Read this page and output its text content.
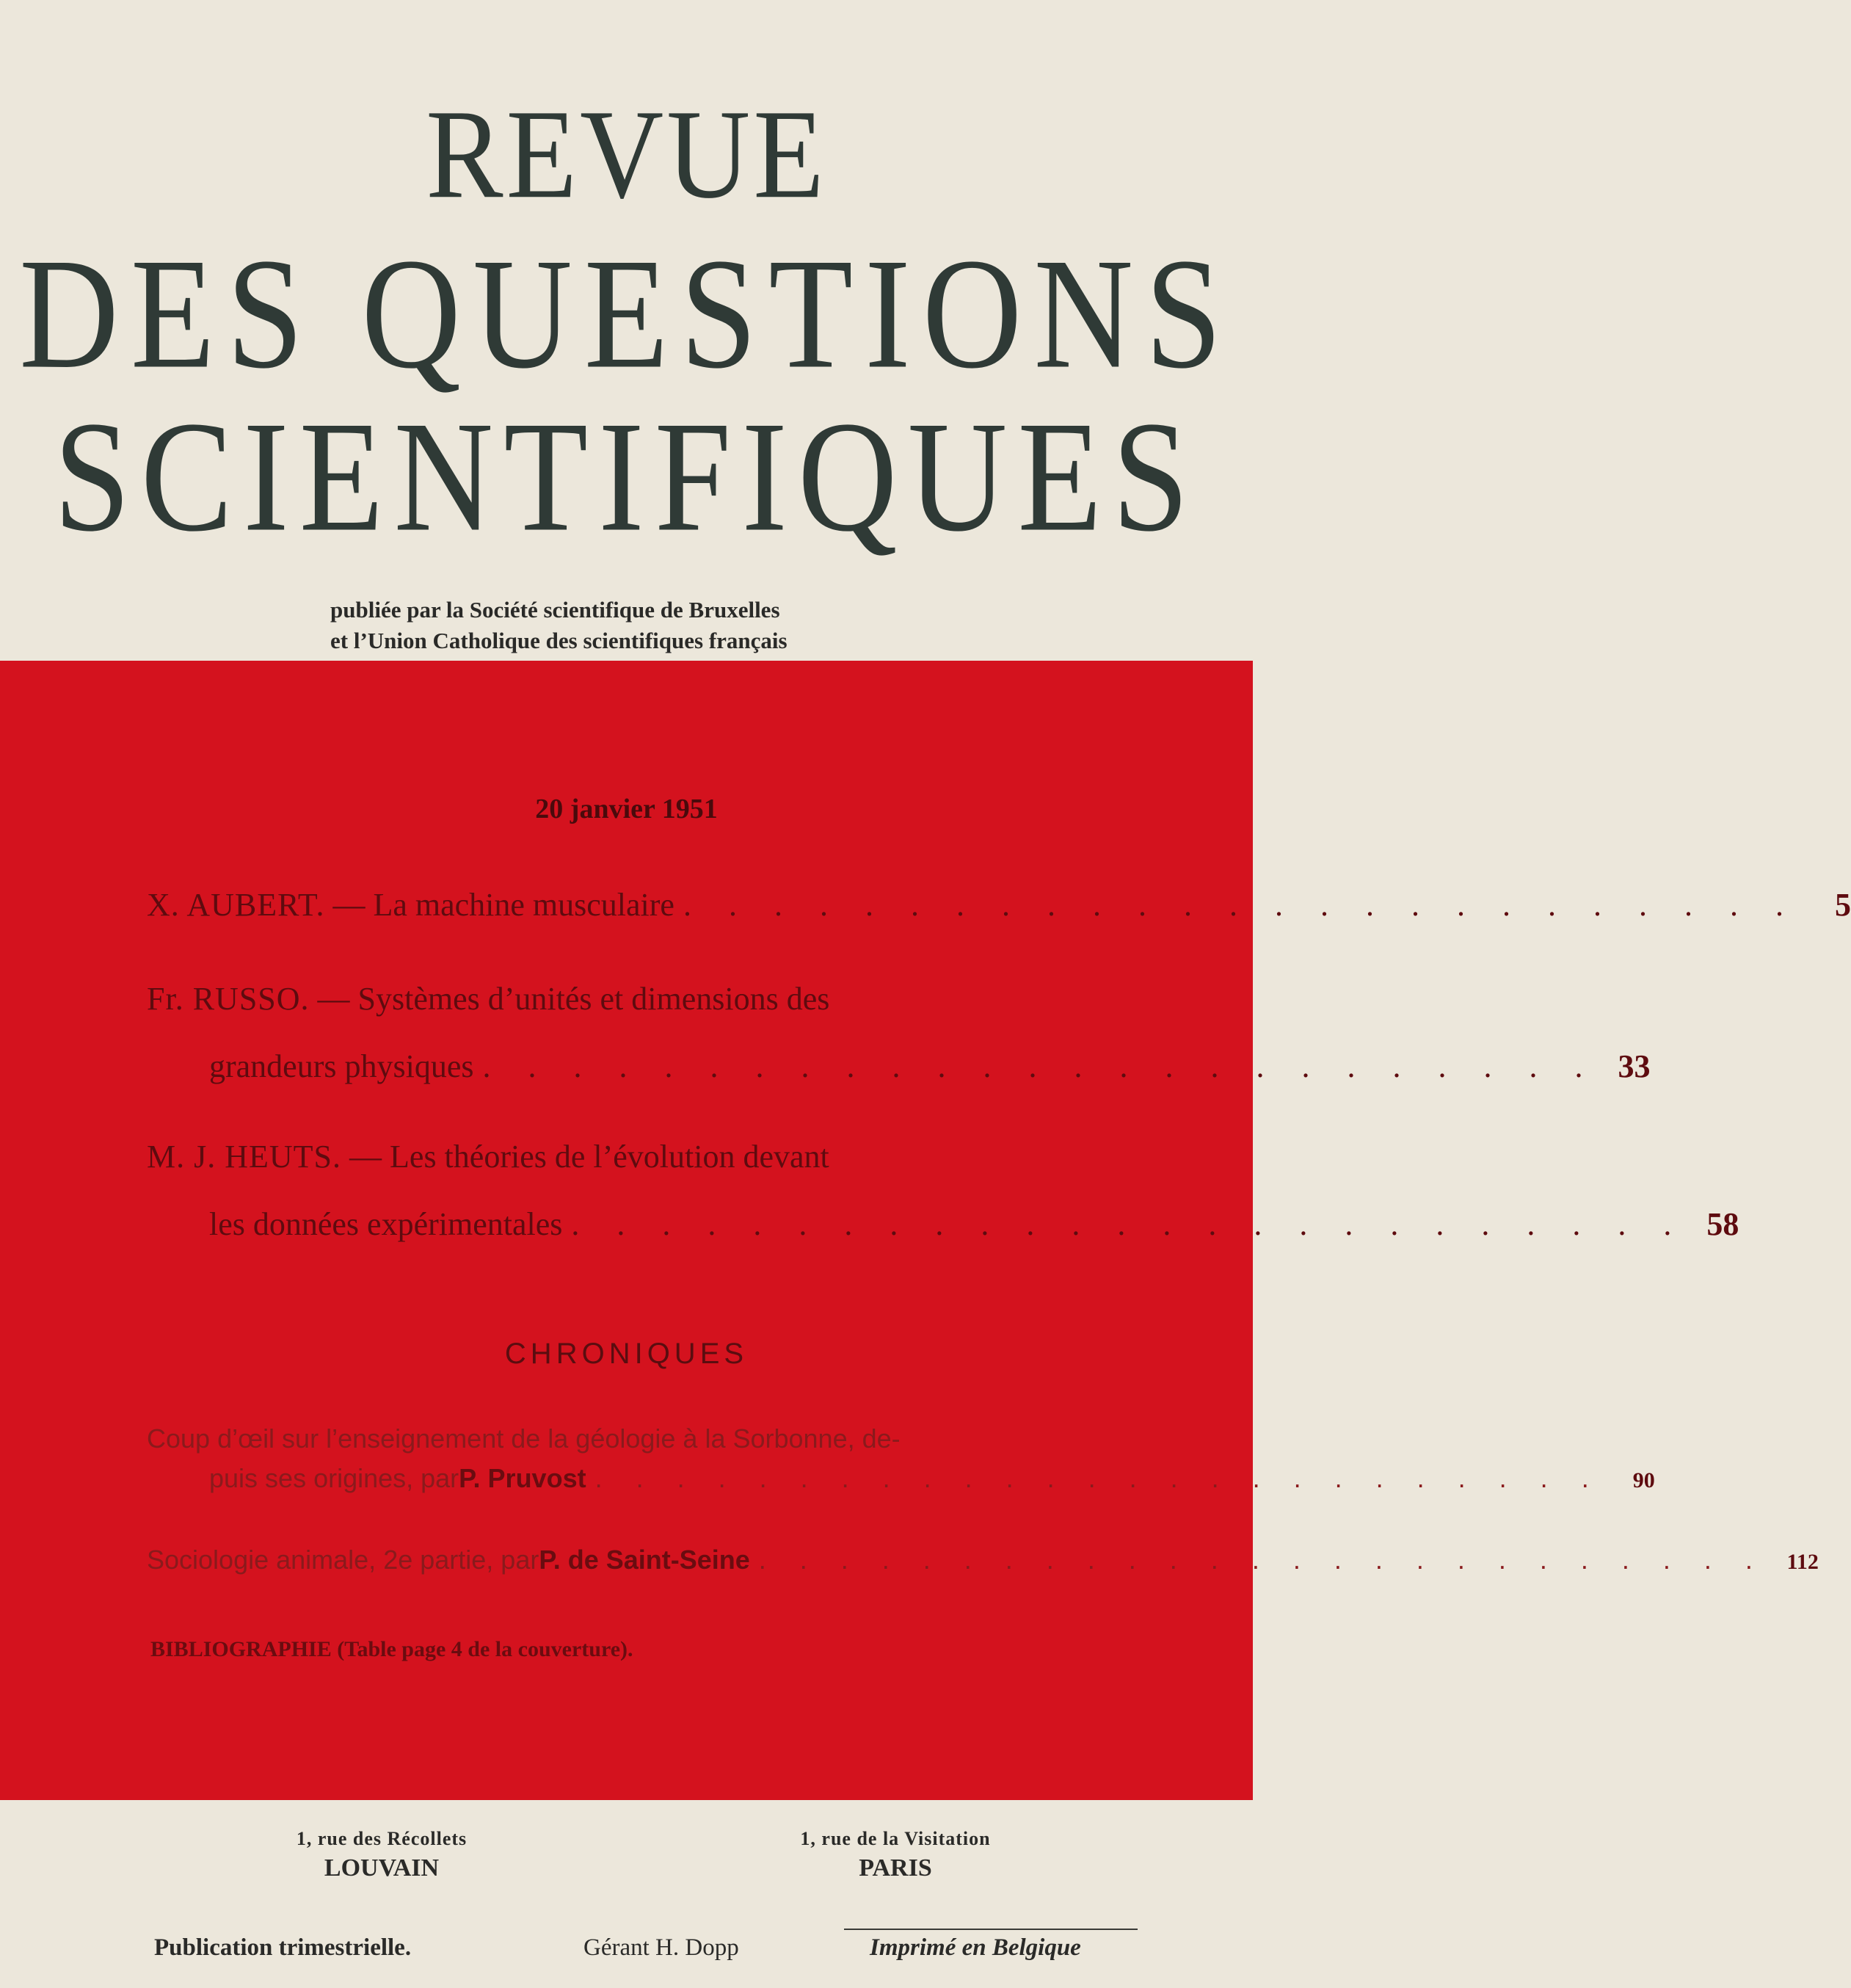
REVUE
DES QUESTIONS
SCIENTIFIQUES
publiée par la Société scientifique de Bruxelles
et l’Union Catholique des scientifiques français
20 janvier 1951
X. AUBERT.
— La machine musculaire . . . . . . . . . . . . . . . . . . . . . . . . .	5
Fr. RUSSO.
— Systèmes d’unités et dimensions des
grandeurs physiques . . . . . . . . . . . . . . . . . . . . . . . . . 33
M. J. HEUTS.
— Les théories de l’évolution devant
les données expérimentales . . . . . . . . . . . . . . . . . . . . . . . . . 58
CHRONIQUES
Coup d’œil sur l’enseignement de la géologie à la Sorbonne, de-
puis ses origines, par P. Pruvost . . . . . . . . . . . . . . . . . . . . . . . . .	90
Sociologie animale, 2e partie, par P. de Saint-Seine . . . . . . . . . . . . . . . . . . . . . . . . . 112
BIBLIOGRAPHIE (Table page 4 de la couverture).
1, rue des Récollets
LOUVAIN
1, rue de la Visitation
PARIS
Publication trimestrielle.	Gérant H. Dopp	Imprimé en Belgique
